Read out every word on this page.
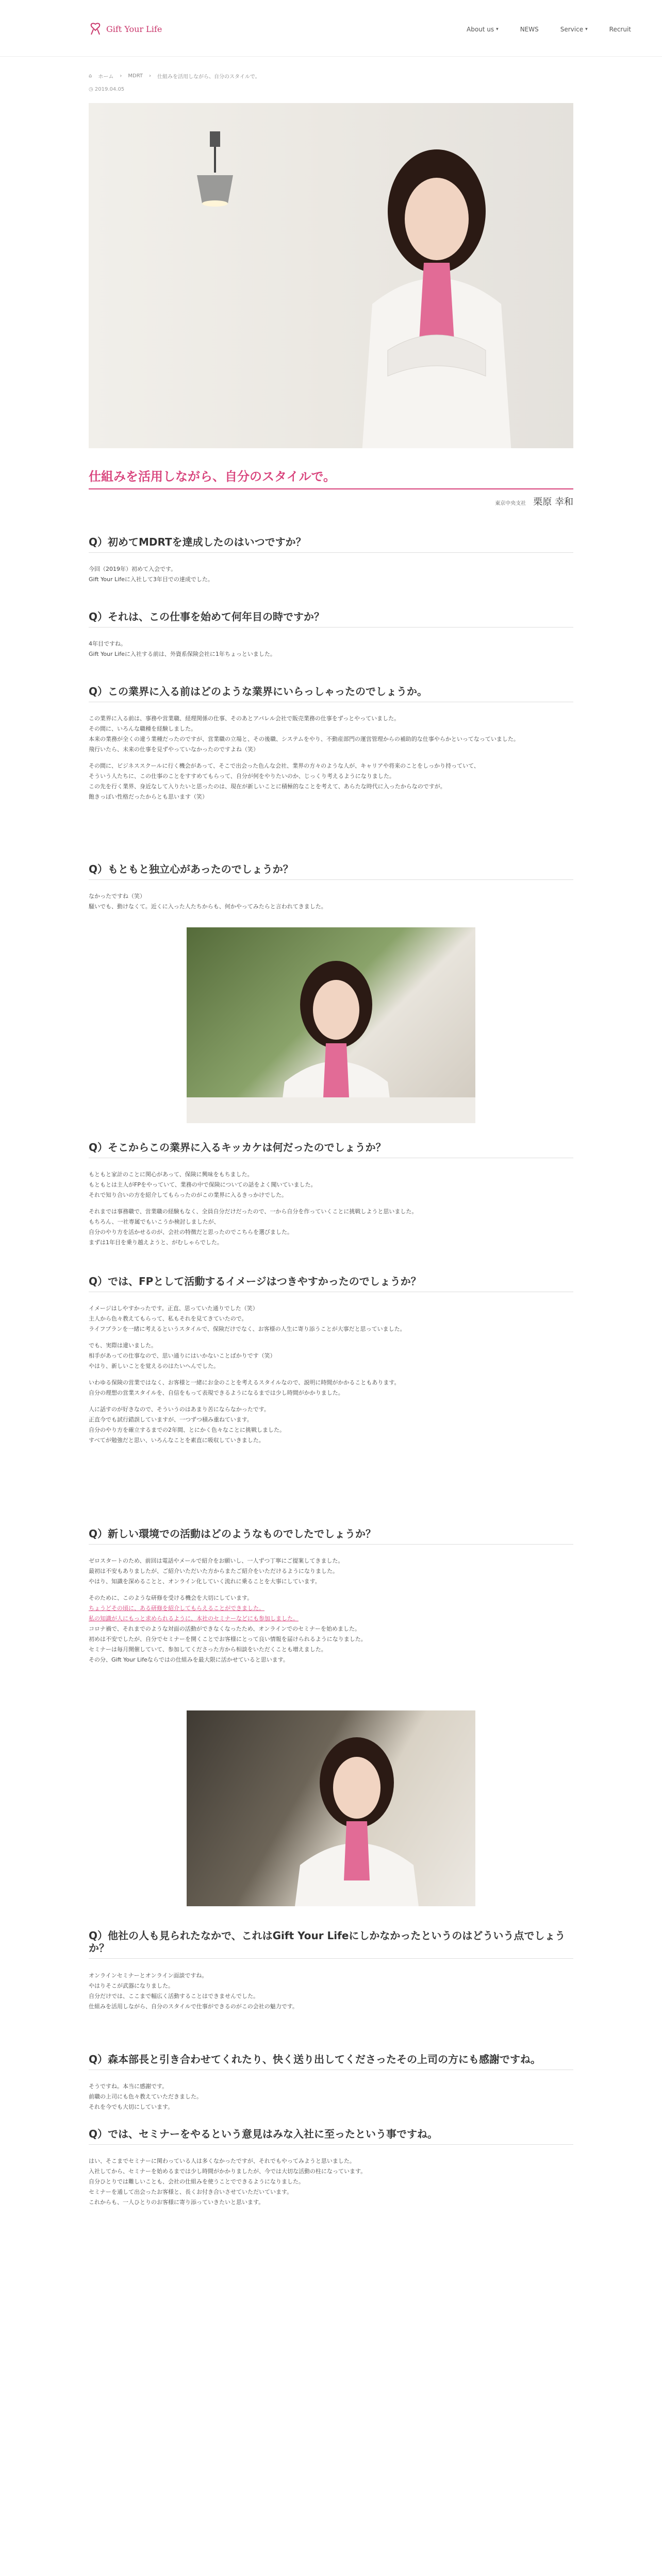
Gift Your Life	About us ▾	NEWS	Service ▾	Recruit
⌂ ホーム › MDRT › 仕組みを活用しながら、自分のスタイルで。
◷ 2019.04.05
仕組みを活用しながら、自分のスタイルで。
東京中央支社 栗原 幸和
Q）初めてMDRTを達成したのはいつですか？
今回（2019年）初めて入会です。
Gift Your Lifeに入社して3年目での達成でした。
Q）それは、この仕事を始めて何年目の時ですか？
4年目ですね。
Gift Your Lifeに入社する前は、外資系保険会社に1年ちょっといました。
Q）この業界に入る前はどのような業界にいらっしゃったのでしょうか。
この業界に入る前は、事務や営業職、経理関係の仕事、そのあとアパレル会社で販売業務の仕事をずっとやっていました。
その間に、いろんな職種を経験しました。
本来の業務が全くの違う業種だったのですが、営業職の立場と、その後職、システムをやり、不動産部門の運営管理からの補助的な仕事やらかといってなっていました。
飛行いたら、未来の仕事を見ずやっていなかったのですよね（笑）
その間に、ビジネススクールに行く機会があって、そこで出会った色んな会社、業界の方々のような人が、キャリアや将来のことをしっかり持っていて、
そういう人たちに、この仕事のことをすすめてもらって、自分が何をやりたいのか、じっくり考えるようになりました。
この先を行く業界、身近なして入りたいと思ったのは、現在が新しいことに積極的なことを考えて、あらたな時代に入ったからなのですが。
飽きっぽい性格だったからとも思います（笑）
Q）もともと独立心があったのでしょうか？
なかったですね（笑）
騒いでも、動けなくて。近くに入った人たちからも、何かやってみたらと言われてきました。
Q）そこからこの業界に入るキッカケは何だったのでしょうか？
もともと家計のことに関心があって、保険に興味をもちました。
もともとは主人がFPをやっていて、業務の中で保険についての話をよく聞いていました。
それで知り合いの方を紹介してもらったのがこの業界に入るきっかけでした。
それまでは事務職で、営業職の経験もなく、全員自分だけだったので、一から自分を作っていくことに挑戦しようと思いました。
もちろん、一社専属でもいこうか検討しましたが、
自分のやり方を活かせるのが、会社の特徴だと思ったのでこちらを選びました。
まずは1年目を乗り越えようと、がむしゃらでした。
Q）では、FPとして活動するイメージはつきやすかったのでしょうか？
イメージはしやすかったです。正直、思っていた通りでした（笑）
主人から色々教えてもらって、私もそれを見てきていたので。
ライフプランを一緒に考えるというスタイルで、保険だけでなく、お客様の人生に寄り添うことが大事だと思っていました。
でも、実際は違いました。
相手があっての仕事なので、思い通りにはいかないことばかりです（笑）
やはり、新しいことを覚えるのはたいへんでした。
いわゆる保険の営業ではなく、お客様と一緒にお金のことを考えるスタイルなので、説明に時間がかかることもあります。
自分の理想の営業スタイルを、自信をもって表現できるようになるまでは少し時間がかかりました。
人に話すのが好きなので、そういうのはあまり苦にならなかったです。
正直今でも試行錯誤していますが、一つずつ積み重ねています。
自分のやり方を確立するまでの2年間、とにかく色々なことに挑戦しました。
すべてが勉強だと思い、いろんなことを素直に吸収していきました。
Q）新しい環境での活動はどのようなものでしたでしょうか？
ゼロスタートのため、前回は電話やメールで紹介をお願いし、一人ずつ丁寧にご提案してきました。
最初は不安もありましたが、ご紹介いただいた方からまたご紹介をいただけるようになりました。
やはり、知識を深めることと、オンライン化していく流れに乗ることを大事にしています。
そのために、このような研修を受ける機会を大切にしています。
ちょうどその頃に、ある研修を紹介してもらえることができました。
私の知識が人にもっと求められるように、本社のセミナーなどにも参加しました。
コロナ禍で、それまでのような対面の活動ができなくなったため、オンラインでのセミナーを始めました。
初めは不安でしたが、自分でセミナーを開くことでお客様にとって良い情報を届けられるようになりました。
セミナーは毎月開催していて、参加してくださった方から相談をいただくことも増えました。
その分、Gift Your Lifeならではの仕組みを最大限に活かせていると思います。
Q）他社の人も見られたなかで、これはGift Your Lifeにしかなかったというのはどういう点でしょうか？
オンラインセミナーとオンライン面談ですね。
やはりそこが武器になりました。
自分だけでは、ここまで幅広く活動することはできませんでした。
仕組みを活用しながら、自分のスタイルで仕事ができるのがこの会社の魅力です。
Q）森本部長と引き合わせてくれたり、快く送り出してくださったその上司の方にも感謝ですね。
そうですね。本当に感謝です。
前職の上司にも色々教えていただきました。
それを今でも大切にしています。
Q）では、セミナーをやるという意見はみな入社に至ったという事ですね。
はい、そこまでセミナーに関わっている人は多くなかったですが、それでもやってみようと思いました。
入社してから、セミナーを始めるまでは少し時間がかかりましたが、今では大切な活動の柱になっています。
自分ひとりでは難しいことも、会社の仕組みを使うことでできるようになりました。
セミナーを通して出会ったお客様と、長くお付き合いさせていただいています。
これからも、一人ひとりのお客様に寄り添っていきたいと思います。
